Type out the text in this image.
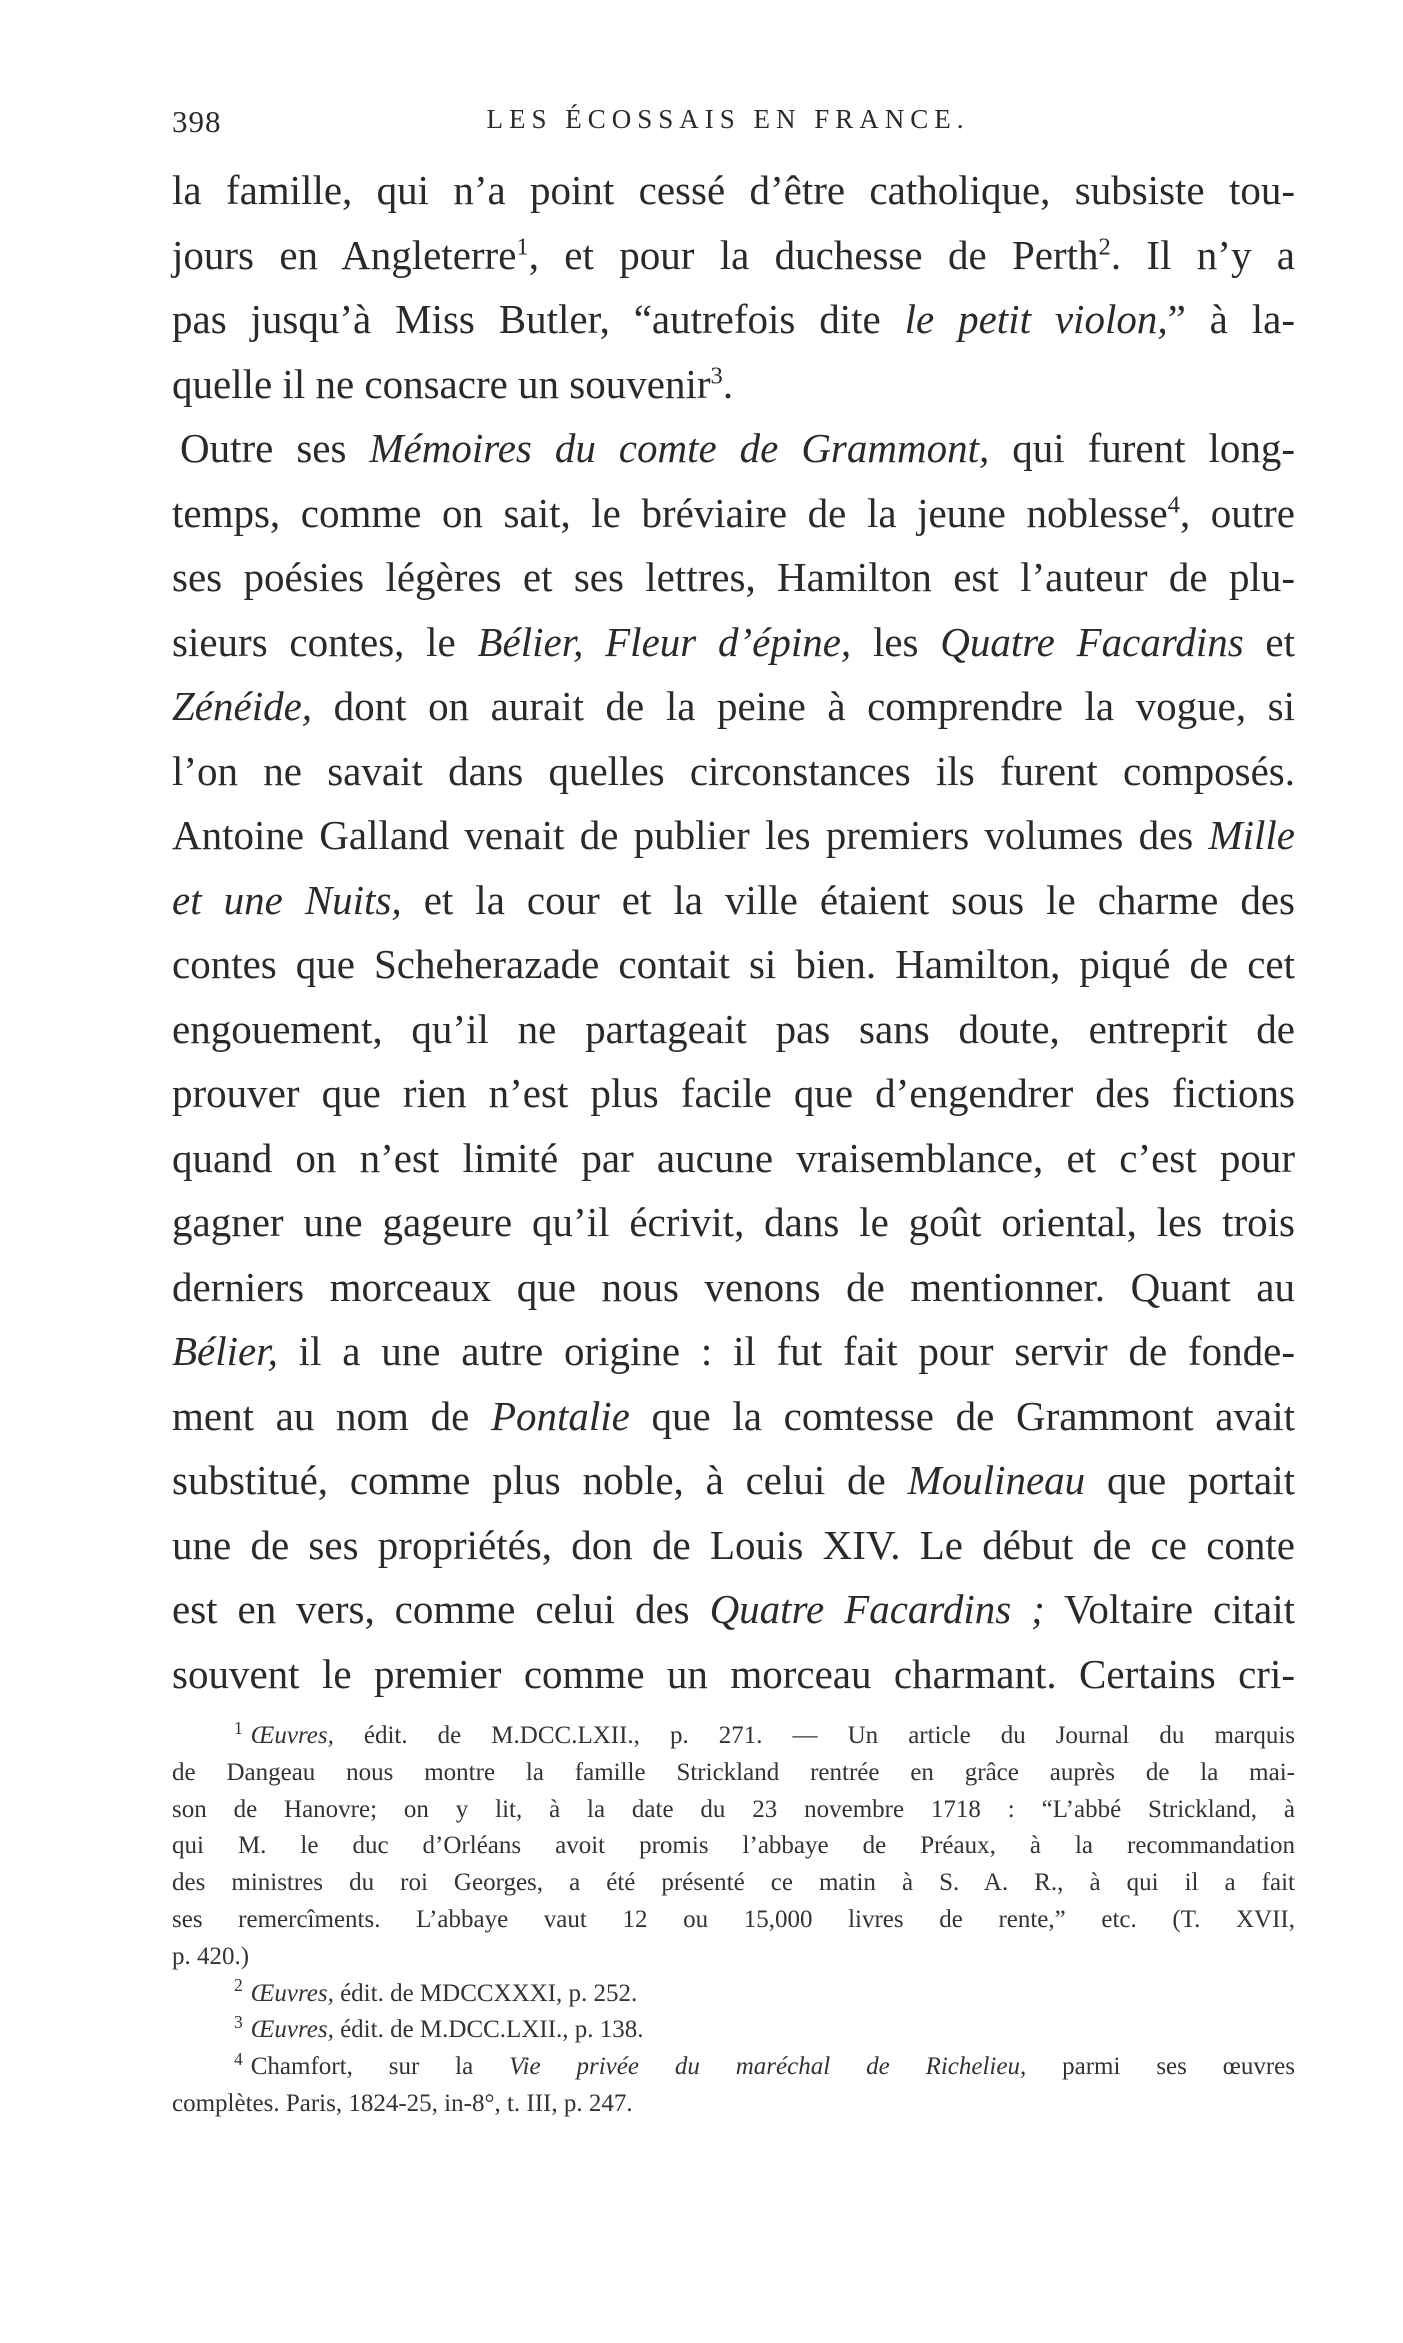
398	LES ÉCOSSAIS EN FRANCE.
la famille, qui n’a point cessé d’être catholique, subsiste tou-
jours en Angleterre$^1$, et pour la duchesse de Perth$^2$. Il n’y a
pas jusqu’à Miss Butler, “autrefois dite le petit violon,” à la-
quelle il ne consacre un souvenir$^3$.
Outre ses Mémoires du comte de Grammont, qui furent long-
temps, comme on sait, le bréviaire de la jeune noblesse$^4$, outre
ses poésies légères et ses lettres, Hamilton est l’auteur de plu-
sieurs contes, le Bélier, Fleur d’épine, les Quatre Facardins et
Zénéide, dont on aurait de la peine à comprendre la vogue, si
l’on ne savait dans quelles circonstances ils furent composés.
Antoine Galland venait de publier les premiers volumes des Mille
et une Nuits, et la cour et la ville étaient sous le charme des
contes que Scheherazade contait si bien. Hamilton, piqué de cet
engouement, qu’il ne partageait pas sans doute, entreprit de
prouver que rien n’est plus facile que d’engendrer des fictions
quand on n’est limité par aucune vraisemblance, et c’est pour
gagner une gageure qu’il écrivit, dans le goût oriental, les trois
derniers morceaux que nous venons de mentionner. Quant au
Bélier, il a une autre origine : il fut fait pour servir de fonde-
ment au nom de Pontalie que la comtesse de Grammont avait
substitué, comme plus noble, à celui de Moulineau que portait
une de ses propriétés, don de Louis XIV. Le début de ce conte
est en vers, comme celui des Quatre Facardins ; Voltaire citait
souvent le premier comme un morceau charmant. Certains cri-
$^1$ Œuvres, édit. de M.DCC.LXII., p. 271. — Un article du Journal du marquis
de Dangeau nous montre la famille Strickland rentrée en grâce auprès de la mai-
son de Hanovre; on y lit, à la date du 23 novembre 1718 : “L’abbé Strickland, à
qui M. le duc d’Orléans avoit promis l’abbaye de Préaux, à la recommandation
des ministres du roi Georges, a été présenté ce matin à S. A. R., à qui il a fait
ses remercîments. L’abbaye vaut 12 ou 15,000 livres de rente,” etc. (T. XVII,
p. 420.)
$^2$ Œuvres, édit. de MDCCXXXI, p. 252.
$^3$ Œuvres, édit. de M.DCC.LXII., p. 138.
$^4$ Chamfort, sur la Vie privée du maréchal de Richelieu, parmi ses œuvres
complètes. Paris, 1824-25, in-8°, t. III, p. 247.
